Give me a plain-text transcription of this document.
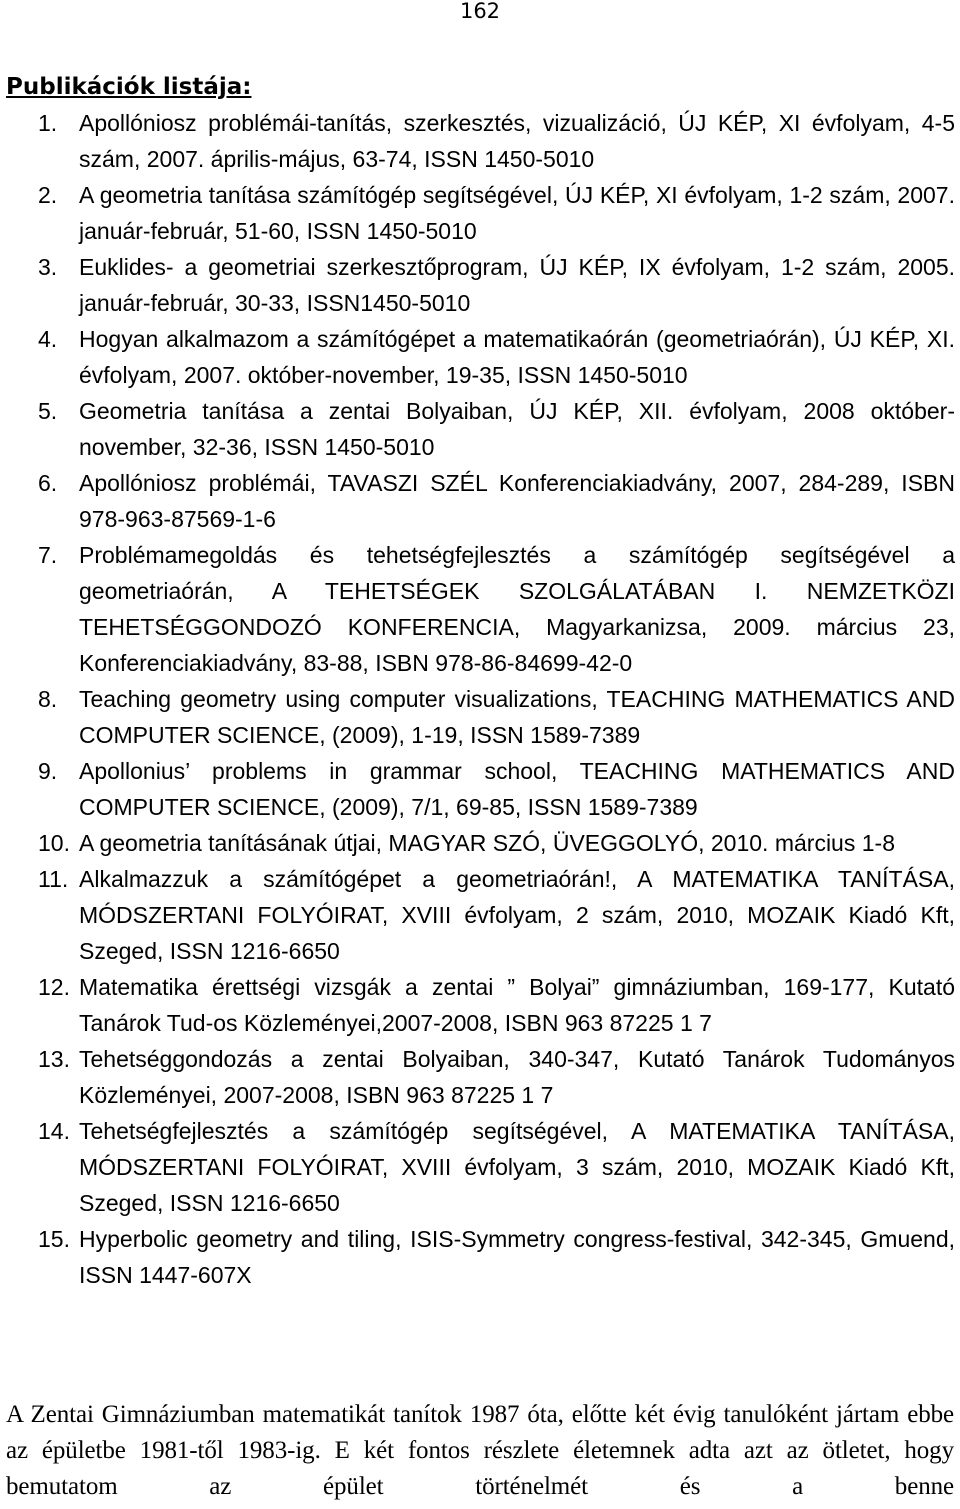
162
Publikációk listája:
1. Apollóniosz problémái-tanítás, szerkesztés, vizualizáció, ÚJ KÉP, XI évfolyam, 4-5 szám, 2007. április-május, 63-74, ISSN 1450-5010
2. A geometria tanítása számítógép segítségével, ÚJ KÉP, XI évfolyam, 1-2 szám, 2007. január-február, 51-60, ISSN 1450-5010
3. Euklides- a geometriai szerkesztőprogram, ÚJ KÉP, IX évfolyam, 1-2 szám, 2005. január-február, 30-33, ISSN1450-5010
4. Hogyan alkalmazom a számítógépet a matematikaórán (geometriaórán), ÚJ KÉP, XI. évfolyam, 2007. október-november, 19-35, ISSN 1450-5010
5. Geometria tanítása a zentai Bolyaiban, ÚJ KÉP, XII. évfolyam, 2008 október-november, 32-36, ISSN 1450-5010
6. Apollóniosz problémái, TAVASZI SZÉL Konferenciakiadvány, 2007, 284-289, ISBN 978-963-87569-1-6
7. Problémamegoldás és tehetségfejlesztés a számítógép segítségével a geometriaórán, A TEHETSÉGEK SZOLGÁLATÁBAN I. NEMZETKÖZI TEHETSÉGGONDOZÓ KONFERENCIA, Magyarkanizsa, 2009. március 23, Konferenciakiadvány, 83-88, ISBN 978-86-84699-42-0
8. Teaching geometry using computer visualizations, TEACHING MATHEMATICS AND COMPUTER SCIENCE, (2009), 1-19, ISSN 1589-7389
9. Apollonius’ problems in grammar school, TEACHING MATHEMATICS AND COMPUTER SCIENCE, (2009), 7/1, 69-85, ISSN 1589-7389
10. A geometria tanításának útjai, MAGYAR SZÓ, ÜVEGGOLYÓ, 2010. március 1-8
11. Alkalmazzuk a számítógépet a geometriaórán!, A MATEMATIKA TANÍTÁSA, MÓDSZERTANI FOLYÓIRAT, XVIII évfolyam, 2 szám, 2010, MOZAIK Kiadó Kft, Szeged, ISSN 1216-6650
12. Matematika érettségi vizsgák a zentai ” Bolyai” gimnáziumban, 169-177, Kutató Tanárok Tud-os Közleményei,2007-2008, ISBN 963 87225 1 7
13. Tehetséggondozás a zentai Bolyaiban, 340-347, Kutató Tanárok Tudományos Közleményei, 2007-2008, ISBN 963 87225 1 7
14. Tehetségfejlesztés a számítógép segítségével, A MATEMATIKA TANÍTÁSA, MÓDSZERTANI FOLYÓIRAT, XVIII évfolyam, 3 szám, 2010, MOZAIK Kiadó Kft, Szeged, ISSN 1216-6650
15. Hyperbolic geometry and tiling, ISIS-Symmetry congress-festival, 342-345, Gmuend, ISSN 1447-607X
A Zentai Gimnáziumban matematikát tanítok 1987 óta, előtte két évig tanulóként jártam ebbe az épületbe 1981-től 1983-ig. E két fontos részlete életemnek adta azt az ötletet, hogy bemutatom az épület történelmét és a benne
